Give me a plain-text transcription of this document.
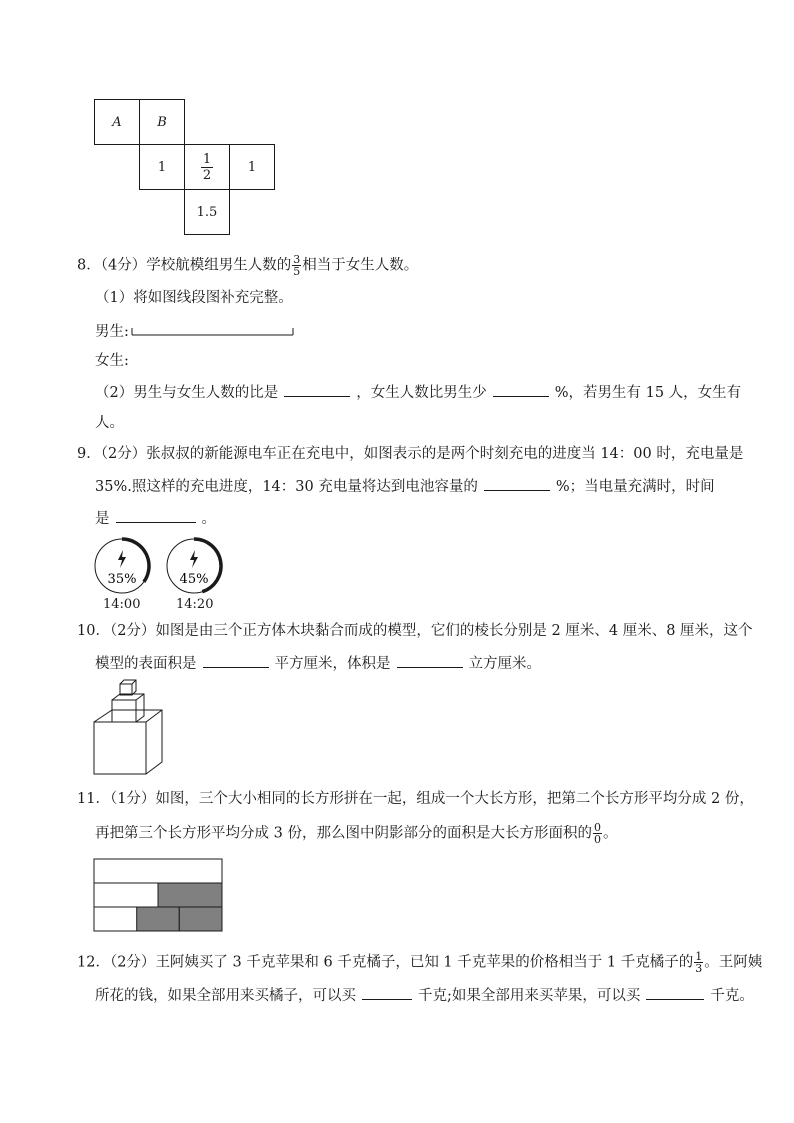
A	B
1	$\frac{1}{2}$	1
1.5
8．（4分）学校航模组男生人数的 $\frac{3}{5}$ 相当于女生人数。
（1）将如图线段图补充完整。
男生:
女生:
（2）男生与女生人数的比是	，女生人数比男生少	%，若男生有 15 人，女生有
人。
9．（2分）张叔叔的新能源电车正在充电中，如图表示的是两个时刻充电的进度当 14：00 时，充电量是
35%.照这样的充电进度，14：30 充电量将达到电池容量的	%；当电量充满时，时间
是	。
35%	45%
14:00	14:20
10．（2分）如图是由三个正方体木块黏合而成的模型，它们的棱长分别是 2 厘米、4 厘米、8 厘米，这个
模型的表面积是	平方厘米，体积是	立方厘米。
11．（1分）如图，三个大小相同的长方形拼在一起，组成一个大长方形，把第二个长方形平均分成 2 份，
再把第三个长方形平均分成 3 份，那么图中阴影部分的面积是大长方形面积的 $\frac{0}{0}$ 。
12．（2分）王阿姨买了 3 千克苹果和 6 千克橘子，已知 1 千克苹果的价格相当于 1 千克橘子的 $\frac{1}{3}$ 。王阿姨
所花的钱，如果全部用来买橘子，可以买	千克;如果全部用来买苹果，可以买	千克。
